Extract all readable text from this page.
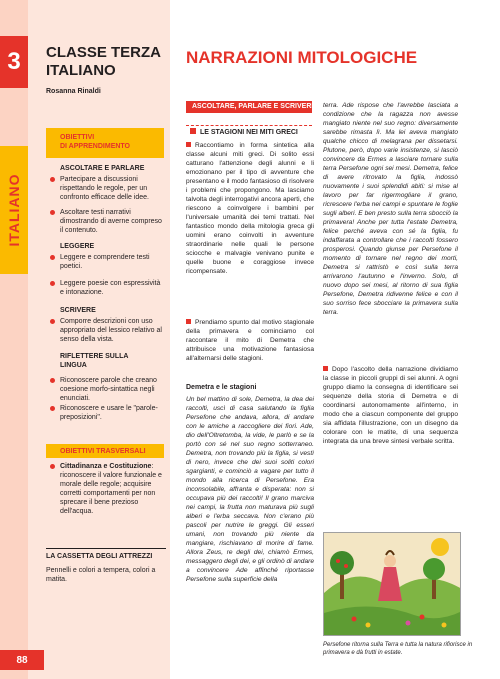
3
ITALIANO
CLASSE TERZA
ITALIANO
Rosanna Rinaldi
OBIETTIVI
DI APPRENDIMENTO
ASCOLTARE E PARLARE
Partecipare a discussioni rispettando le regole, per un confronto efficace delle idee.
Ascoltare testi narrativi dimostrando di averne compreso il contenuto.
LEGGERE
Leggere e comprendere testi poetici.
Leggere poesie con espressività e intonazione.
SCRIVERE
Comporre descrizioni con uso appropriato del lessico relativo al senso della vista.
RIFLETTERE SULLA LINGUA
Riconoscere parole che creano coesione morfo-sintattica negli enunciati.
Riconoscere e usare le "parole-preposizioni".
OBIETTIVI TRASVERSALI
Cittadinanza e Costituzione: riconoscere il valore funzionale e morale delle regole; acquisire corretti comportamenti per non sprecare il bene prezioso dell'acqua.
LA CASSETTA DEGLI ATTREZZI
Pennelli e colori a tempera, colori a matita.
88
NARRAZIONI MITOLOGICHE
ASCOLTARE, PARLARE E SCRIVERE
LE STAGIONI NEI MITI GRECI
Raccontiamo in forma sintetica alla classe alcuni miti greci. Di solito essi catturano l'attenzione degli alunni e li emozionano per il tipo di avventure che presentano e il modo fantasioso di risolvere i problemi che propongono. Ma lasciamo talvolta degli interrogativi ancora aperti, che riescono a coinvolgere i bambini per l'universale umanità dei temi trattati. Nel fantastico mondo della mitologia greca gli uomini erano coinvolti in avventure straordinarie nelle quali le persone sciocche e malvagie venivano punite e quelle buone e coraggiose invece ricompensate.
Prendiamo spunto dal motivo stagionale della primavera e cominciamo col raccontare il mito di Demetra che attribuisce una motivazione fantasiosa all'alternarsi delle stagioni.
Demetra e le stagioni
Un bel mattino di sole, Demetra, la dea dei raccolti, uscì di casa salutando la figlia Persefone che andava, allora, di andare con le amiche a raccogliere dei fiori. Ade, dio dell'Oltretomba, la vide, le parlò e se la portò con sé nel suo regno sotterraneo. Demetra, non trovando più la figlia, si vestì di nero, invece che dei suoi soliti colori sgargianti, e cominciò a vagare per tutto il mondo alla ricerca di Persefone. Era inconsolabile, affranta e disperata: non si occupava più dei raccolti! Il grano marciva nei campi, la frutta non maturava più sugli alberi e l'erba seccava. Non c'erano più pascoli per nutrire le greggi. Gli esseri umani, non trovando più niente da mangiare, rischiavano di morire di fame. Allora Zeus, re degli dei, chiamò Ermes, messaggero degli dei, e gli ordinò di andare a convincere Ade affinché riportasse Persefone sulla superficie della
terra. Ade rispose che l'avrebbe lasciata a condizione che la ragazza non avesse mangiato niente nel suo regno: diversamente sarebbe rimasta lì. Ma lei aveva mangiato qualche chicco di melagrana per dissetarsi. Plutone, però, dopo varie insistenze, si lasciò convincere da Ermes a lasciare tornare sulla terra Persefone ogni sei mesi. Demetra, felice di avere ritrovato la figlia, indossò nuovamente i suoi splendidi abiti: si mise al lavoro per far rigermogliare il grano, ricrescere l'erba nei campi e spuntare le foglie sugli alberi. E ben presto sulla terra sbocciò la primavera! Anche per tutta l'estate Demetra, felice perché aveva con sé la figlia, fu indaffarata a controllare che i raccolti fossero prosperosi. Quando giunse per Persefone il momento di tornare nel regno dei morti, Demetra si rattristò e così sulla terra arrivarono l'autunno e l'inverno. Solo, di nuovo dopo sei mesi, al ritorno di sua figlia Persefone, Demetra ridivenne felice e con il suo sorriso fece sbocciare la primavera sulla terra.
Dopo l'ascolto della narrazione dividiamo la classe in piccoli gruppi di sei alunni. A ogni gruppo diamo la consegna di identificare sei sequenze della storia di Demetra e di coordinarsi autonomamente all'interno, in modo che a ciascun componente del gruppo sia affidata l'illustrazione, con un disegno da colorare con le matite, di una sequenza integrata da una breve sintesi verbale scritta.
Persefone ritorna sulla Terra e tutta la natura rifiorisce in primavera e dà frutti in estate.
